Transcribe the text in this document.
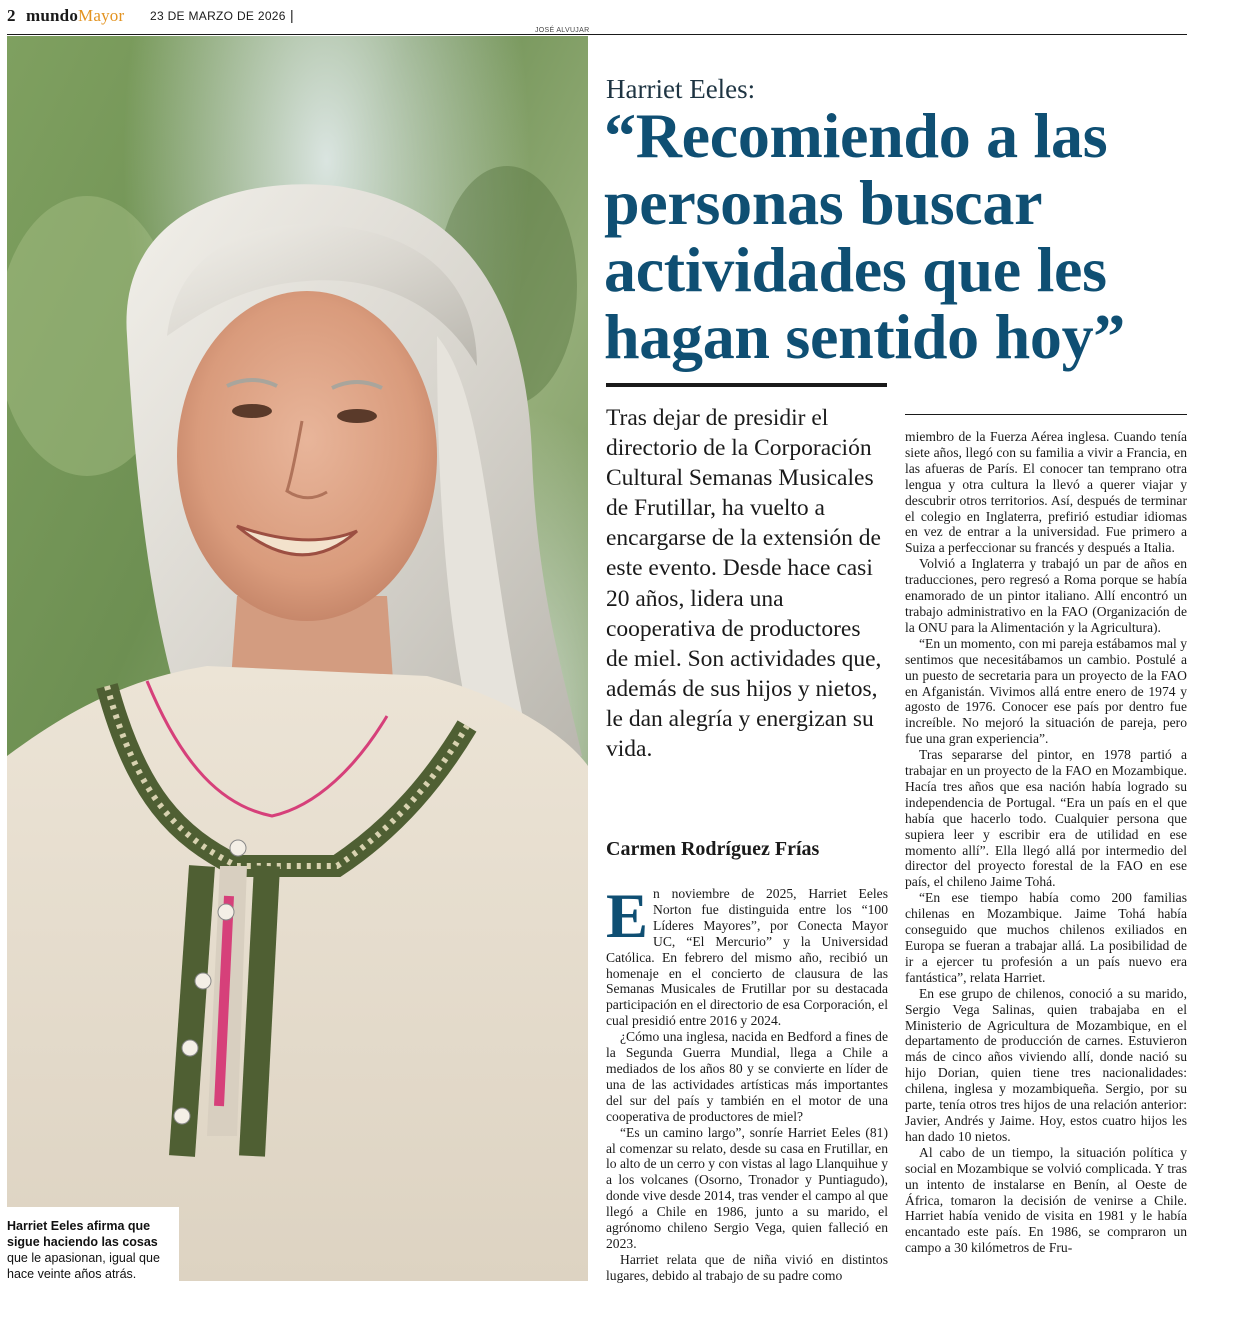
2 mundoMayor 23 DE MARZO DE 2026 |
JOSÉ ALVUJAR
Harriet Eeles afirma que sigue haciendo las cosas
que le apasionan, igual que hace veinte años atrás.
Harriet Eeles:
“Recomiendo a las personas buscar actividades que les hagan sentido hoy”
Tras dejar de presidir el directorio de la Corporación Cultural Semanas Musicales de Frutillar, ha vuelto a encargarse de la extensión de este evento. Desde hace casi 20 años, lidera una cooperativa de productores de miel. Son actividades que, además de sus hijos y nietos, le dan alegría y energizan su vida.
Carmen Rodríguez Frías

En noviembre de 2025, Harriet Eeles Norton fue distinguida entre los “100 Líderes Mayores”, por Conecta Mayor UC, “El Mercurio” y la Universidad Católica. En febrero del mismo año, recibió un homenaje en el concierto de clausura de las Semanas Musicales de Frutillar por su destacada participación en el directorio de esa Corporación, el cual presidió entre 2016 y 2024.

¿Cómo una inglesa, nacida en Bedford a fines de la Segunda Guerra Mundial, llega a Chile a mediados de los años 80 y se convierte en líder de una de las actividades artísticas más importantes del sur del país y también en el motor de una cooperativa de productores de miel?

“Es un camino largo”, sonríe Harriet Eeles (81) al comenzar su relato, desde su casa en Frutillar, en lo alto de un cerro y con vistas al lago Llanquihue y a los volcanes (Osorno, Tronador y Puntiagudo), donde vive desde 2014, tras vender el campo al que llegó a Chile en 1986, junto a su marido, el agrónomo chileno Sergio Vega, quien falleció en 2023.

Harriet relata que de niña vivió en distintos lugares, debido al trabajo de su padre como

miembro de la Fuerza Aérea inglesa. Cuando tenía siete años, llegó con su familia a vivir a Francia, en las afueras de París. El conocer tan temprano otra lengua y otra cultura la llevó a querer viajar y descubrir otros territorios. Así, después de terminar el colegio en Inglaterra, prefirió estudiar idiomas en vez de entrar a la universidad. Fue primero a Suiza a perfeccionar su francés y después a Italia.

Volvió a Inglaterra y trabajó un par de años en traducciones, pero regresó a Roma porque se había enamorado de un pintor italiano. Allí encontró un trabajo administrativo en la FAO (Organización de la ONU para la Alimentación y la Agricultura).

“En un momento, con mi pareja estábamos mal y sentimos que necesitábamos un cambio. Postulé a un puesto de secretaria para un proyecto de la FAO en Afganistán. Vivimos allá entre enero de 1974 y agosto de 1976. Conocer ese país por dentro fue increíble. No mejoró la situación de pareja, pero fue una gran experiencia”.

Tras separarse del pintor, en 1978 partió a trabajar en un proyecto de la FAO en Mozambique. Hacía tres años que esa nación había logrado su independencia de Portugal. “Era un país en el que había que hacerlo todo. Cualquier persona que supiera leer y escribir era de utilidad en ese momento allí”. Ella llegó allá por intermedio del director del proyecto forestal de la FAO en ese país, el chileno Jaime Tohá.

“En ese tiempo había como 200 familias chilenas en Mozambique. Jaime Tohá había conseguido que muchos chilenos exiliados en Europa se fueran a trabajar allá. La posibilidad de ir a ejercer tu profesión a un país nuevo era fantástica”, relata Harriet.

En ese grupo de chilenos, conoció a su marido, Sergio Vega Salinas, quien trabajaba en el Ministerio de Agricultura de Mozambique, en el departamento de producción de carnes. Estuvieron más de cinco años viviendo allí, donde nació su hijo Dorian, quien tiene tres nacionalidades: chilena, inglesa y mozambiqueña. Sergio, por su parte, tenía otros tres hijos de una relación anterior: Javier, Andrés y Jaime. Hoy, estos cuatro hijos les han dado 10 nietos.

Al cabo de un tiempo, la situación política y social en Mozambique se volvió complicada. Y tras un intento de instalarse en Benín, al Oeste de África, tomaron la decisión de venirse a Chile. Harriet había venido de visita en 1981 y le había encantado este país. En 1986, se compraron un campo a 30 kilómetros de Fru-
